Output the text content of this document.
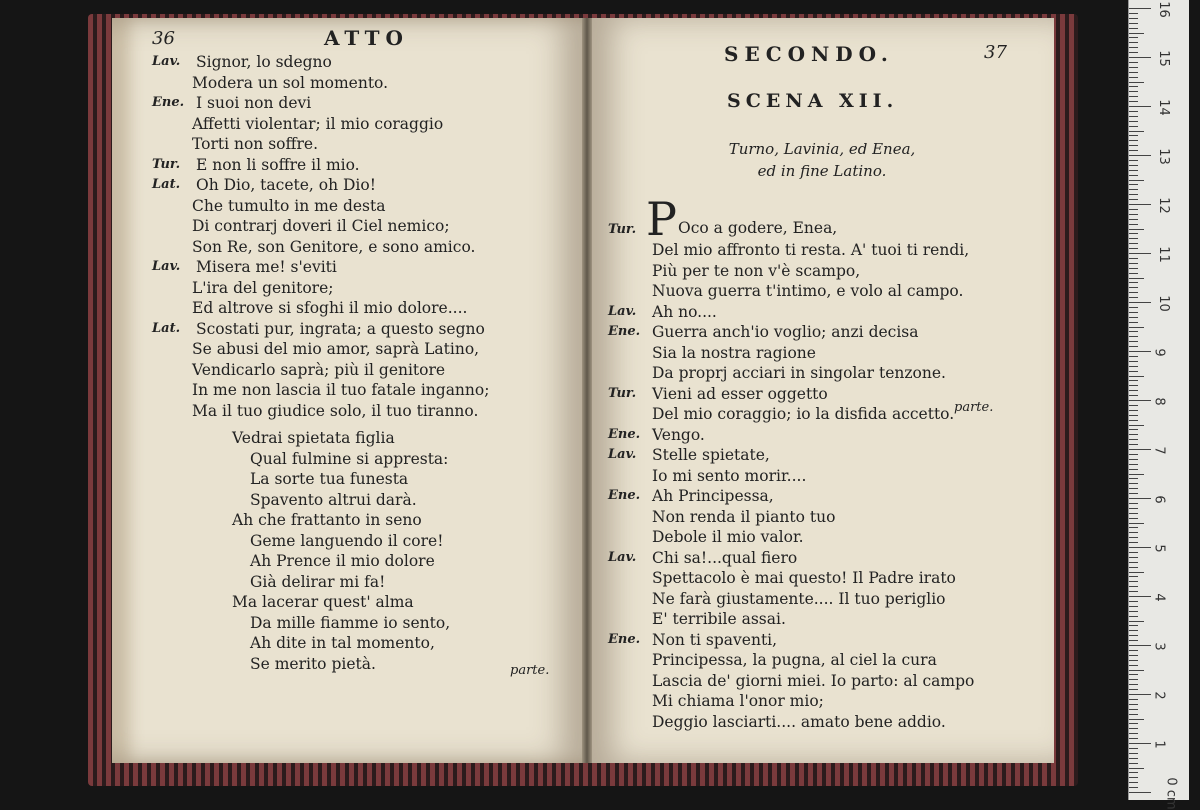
36	ATTO
Lav. Signor, lo sdegno
Modera un sol momento.
Ene. I suoi non devi
Affetti violentar; il mio coraggio
Torti non soffre.
Tur. E non li soffre il mio.
Lat. Oh Dio, tacete, oh Dio!
Che tumulto in me desta
Di contrarj doveri il Ciel nemico;
Son Re, son Genitore, e sono amico.
Lav. Misera me! s'eviti
L'ira del genitore;
Ed altrove si sfoghi il mio dolore....
Lat. Scostati pur, ingrata; a questo segno
Se abusi del mio amor, saprà Latino,
Vendicarlo saprà; più il genitore
In me non lascia il tuo fatale inganno;
Ma il tuo giudice solo, il tuo tiranno.
Vedrai spietata figlia
Qual fulmine si appresta:
La sorte tua funesta
Spavento altrui darà.
Ah che frattanto in seno
Geme languendo il core!
Ah Prence il mio dolore
Già delirar mi fa!
Ma lacerar quest' alma
Da mille fiamme io sento,
Ah dite in tal momento,
Se merito pietà.	parte.
SECONDO.	37
SCENA XII.
Turno, Lavinia, ed Enea,
ed in fine Latino.
Tur. P Oco a godere, Enea,
Del mio affronto ti resta. A' tuoi ti rendi,
Più per te non v'è scampo,
Nuova guerra t'intimo, e volo al campo.
Lav. Ah no....
Ene. Guerra anch'io voglio; anzi decisa
Sia la nostra ragione
Da proprj acciari in singolar tenzone.
Tur. Vieni ad esser oggetto
Del mio coraggio; io la disfida accetto.
Ene. Vengo.
Lav. Stelle spietate,
Io mi sento morir....
Ene. Ah Principessa,
Non renda il pianto tuo
Debole il mio valor.
Lav. Chi sa!...qual fiero
Spettacolo è mai questo! Il Padre irato
Ne farà giustamente.... Il tuo periglio
E' terribile assai.
Ene. Non ti spaventi,
Principessa, la pugna, al ciel la cura
Lascia de' giorni miei. Io parto: al campo
Mi chiama l'onor mio;
Deggio lasciarti.... amato bene addio.
parte.
16
15
14
13
12
11
10
9
8
7
6
5
4
3
2
1
0 cm
